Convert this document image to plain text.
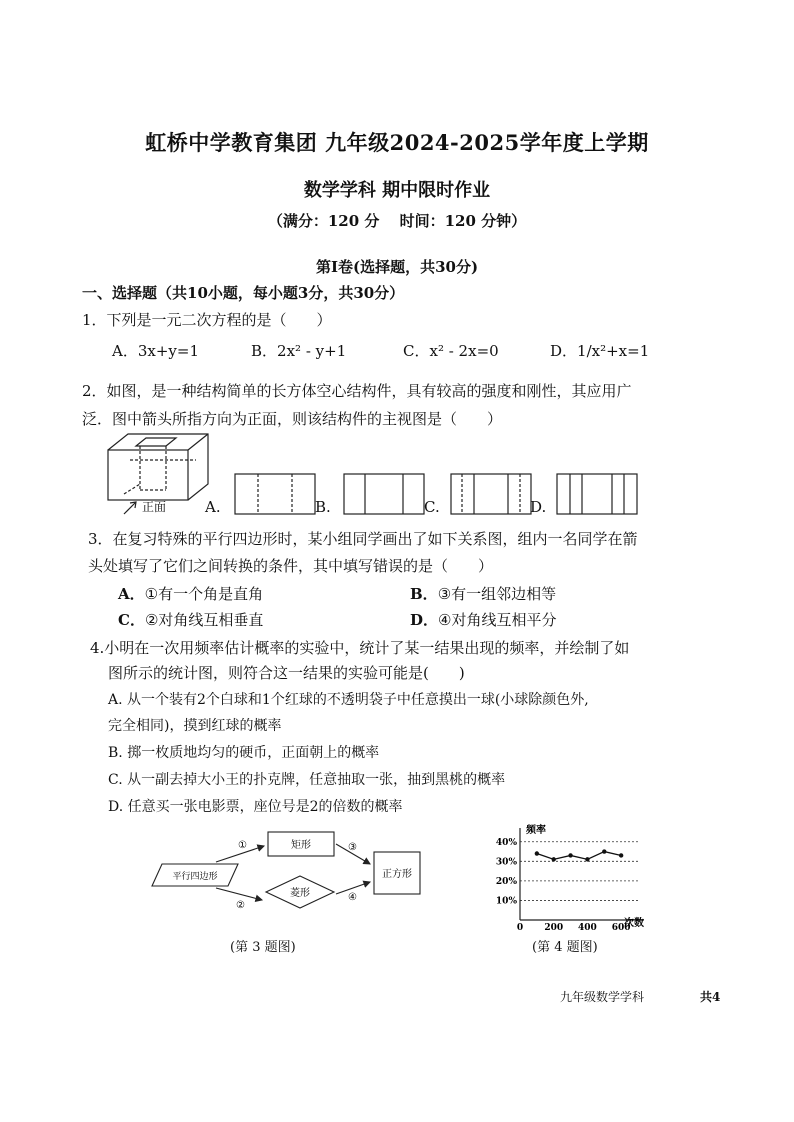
虹桥中学教育集团 九年级2024-2025学年度上学期
数学学科 期中限时作业
（满分：120 分　 时间：120 分钟）
第Ⅰ卷(选择题，共30分)
一、选择题（共10小题，每小题3分，共30分）
1．下列是一元二次方程的是（　　）
A．3x+y=1	B．2x² - y+1	C．x² - 2x=0	D．1/x²+x=1
2．如图，是一种结构简单的长方体空心结构件，具有较高的强度和刚性，其应用广
泛．图中箭头所指方向为正面，则该结构件的主视图是（　　）
正面	A.	B.	C.	D.
3．在复习特殊的平行四边形时，某小组同学画出了如下关系图，组内一名同学在箭
头处填写了它们之间转换的条件，其中填写错误的是（　　）
A．①有一个角是直角	B．③有一组邻边相等
C．②对角线互相垂直	D．④对角线互相平分
4.小明在一次用频率估计概率的实验中，统计了某一结果出现的频率，并绘制了如
图所示的统计图，则符合这一结果的实验可能是(　　)
A. 从一个装有2个白球和1个红球的不透明袋子中任意摸出一球(小球除颜色外,
完全相同)，摸到红球的概率
B. 掷一枚质地均匀的硬币，正面朝上的概率
C. 从一副去掉大小王的扑克牌，任意抽取一张，抽到黑桃的概率
D. 任意买一张电影票，座位号是2的倍数的概率
平行四边形
矩形
菱形
正方形
①
②
③
④
(第 3 题图)
频率
次数
40%
30%
20%
10%
0 200 400 600
(第 4 题图)
九年级数学学科	共4
